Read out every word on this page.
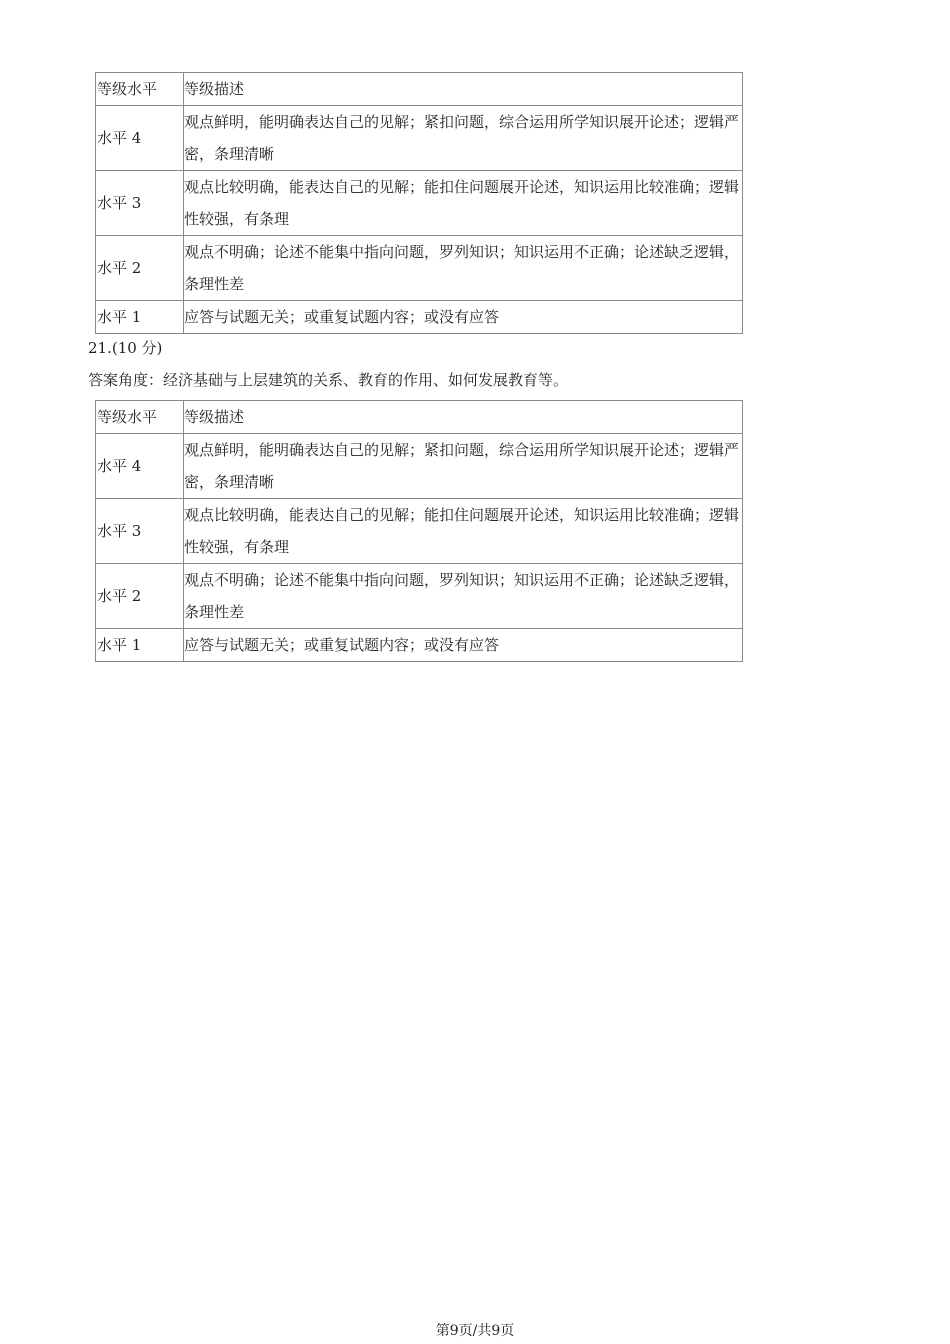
等级水平	等级描述
水平 4	观点鲜明，能明确表达自己的见解；紧扣问题，综合运用所学知识展开论述；逻辑严密，条理清晰
水平 3	观点比较明确，能表达自己的见解；能扣住问题展开论述，知识运用比较准确；逻辑性较强，有条理
水平 2	观点不明确；论述不能集中指向问题，罗列知识；知识运用不正确；论述缺乏逻辑，条理性差
水平 1	应答与试题无关；或重复试题内容；或没有应答

21.(10 分)

答案角度：经济基础与上层建筑的关系、教育的作用、如何发展教育等。

等级水平	等级描述
水平 4	观点鲜明，能明确表达自己的见解；紧扣问题，综合运用所学知识展开论述；逻辑严密，条理清晰
水平 3	观点比较明确，能表达自己的见解；能扣住问题展开论述，知识运用比较准确；逻辑性较强，有条理
水平 2	观点不明确；论述不能集中指向问题，罗列知识；知识运用不正确；论述缺乏逻辑，条理性差
水平 1	应答与试题无关；或重复试题内容；或没有应答
第9页/共9页
